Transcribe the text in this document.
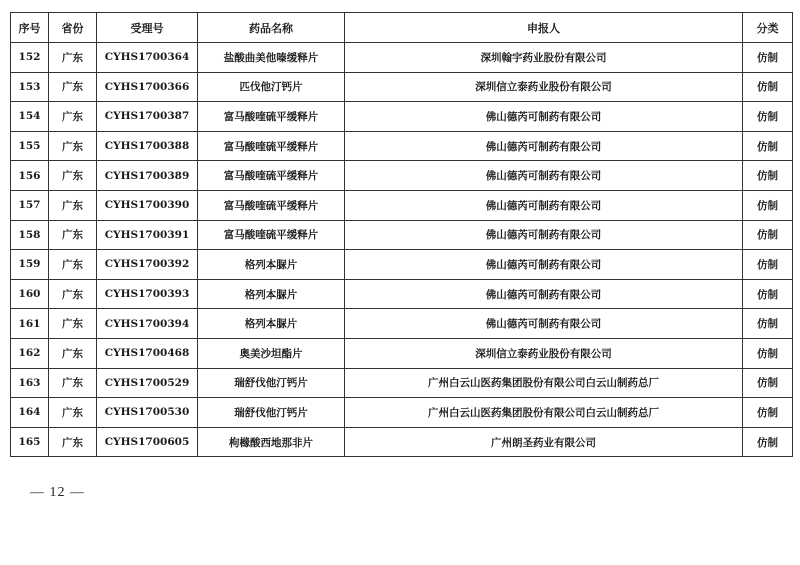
序号	省份	受理号	药品名称	申报人	分类
152	广东	CYHS1700364	盐酸曲美他嗪缓释片	深圳翰宇药业股份有限公司	仿制
153	广东	CYHS1700366	匹伐他汀钙片	深圳信立泰药业股份有限公司	仿制
154	广东	CYHS1700387	富马酸喹硫平缓释片	佛山德芮可制药有限公司	仿制
155	广东	CYHS1700388	富马酸喹硫平缓释片	佛山德芮可制药有限公司	仿制
156	广东	CYHS1700389	富马酸喹硫平缓释片	佛山德芮可制药有限公司	仿制
157	广东	CYHS1700390	富马酸喹硫平缓释片	佛山德芮可制药有限公司	仿制
158	广东	CYHS1700391	富马酸喹硫平缓释片	佛山德芮可制药有限公司	仿制
159	广东	CYHS1700392	格列本脲片	佛山德芮可制药有限公司	仿制
160	广东	CYHS1700393	格列本脲片	佛山德芮可制药有限公司	仿制
161	广东	CYHS1700394	格列本脲片	佛山德芮可制药有限公司	仿制
162	广东	CYHS1700468	奥美沙坦酯片	深圳信立泰药业股份有限公司	仿制
163	广东	CYHS1700529	瑞舒伐他汀钙片	广州白云山医药集团股份有限公司白云山制药总厂	仿制
164	广东	CYHS1700530	瑞舒伐他汀钙片	广州白云山医药集团股份有限公司白云山制药总厂	仿制
165	广东	CYHS1700605	枸橼酸西地那非片	广州朗圣药业有限公司	仿制
— 12 —
